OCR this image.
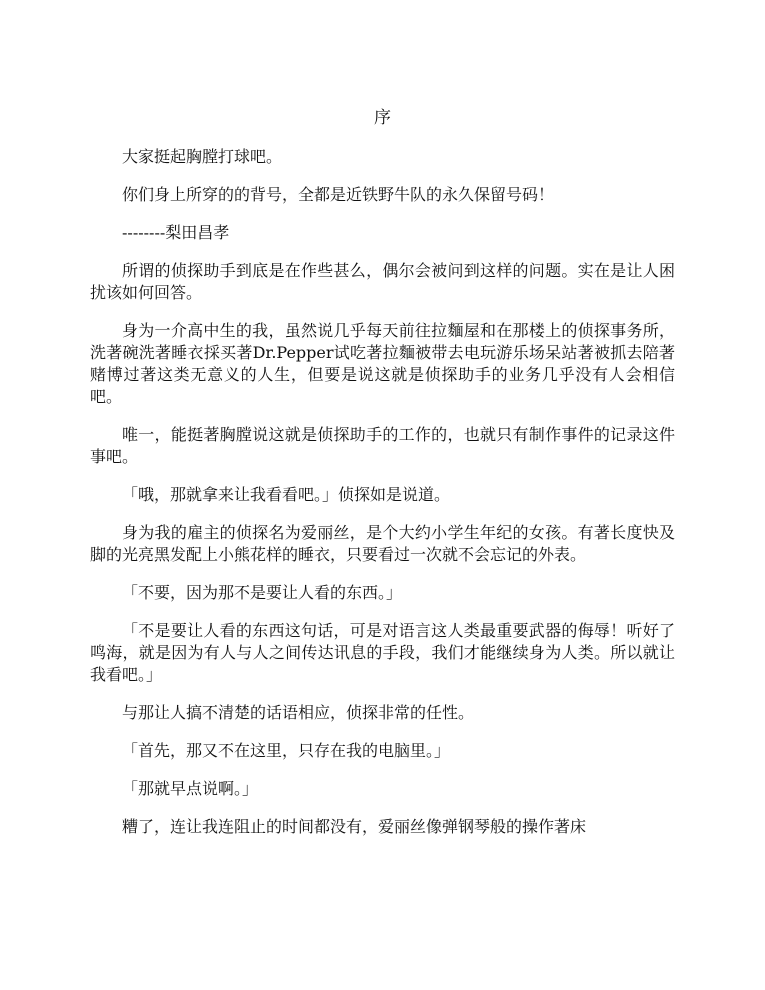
序

大家挺起胸膛打球吧。

你们身上所穿的的背号，全都是近铁野牛队的永久保留号码！

--------梨田昌孝

所谓的侦探助手到底是在作些甚么，偶尔会被问到这样的问题。实在是让人困扰该如何回答。

身为一介高中生的我，虽然说几乎每天前往拉麵屋和在那楼上的侦探事务所，洗著碗洗著睡衣採买著Dr.Pepper试吃著拉麵被带去电玩游乐场呆站著被抓去陪著赌博过著这类无意义的人生，但要是说这就是侦探助手的业务几乎没有人会相信吧。

唯一，能挺著胸膛说这就是侦探助手的工作的，也就只有制作事件的记录这件事吧。

「哦，那就拿来让我看看吧。」侦探如是说道。

身为我的雇主的侦探名为爱丽丝，是个大约小学生年纪的女孩。有著长度快及脚的光亮黑发配上小熊花样的睡衣，只要看过一次就不会忘记的外表。

「不要，因为那不是要让人看的东西。」

「不是要让人看的东西这句话，可是对语言这人类最重要武器的侮辱！听好了鸣海，就是因为有人与人之间传达讯息的手段，我们才能继续身为人类。所以就让我看吧。」

与那让人搞不清楚的话语相应，侦探非常的任性。

「首先，那又不在这里，只存在我的电脑里。」

「那就早点说啊。」

糟了，连让我连阻止的时间都没有，爱丽丝像弹钢琴般的操作著床
